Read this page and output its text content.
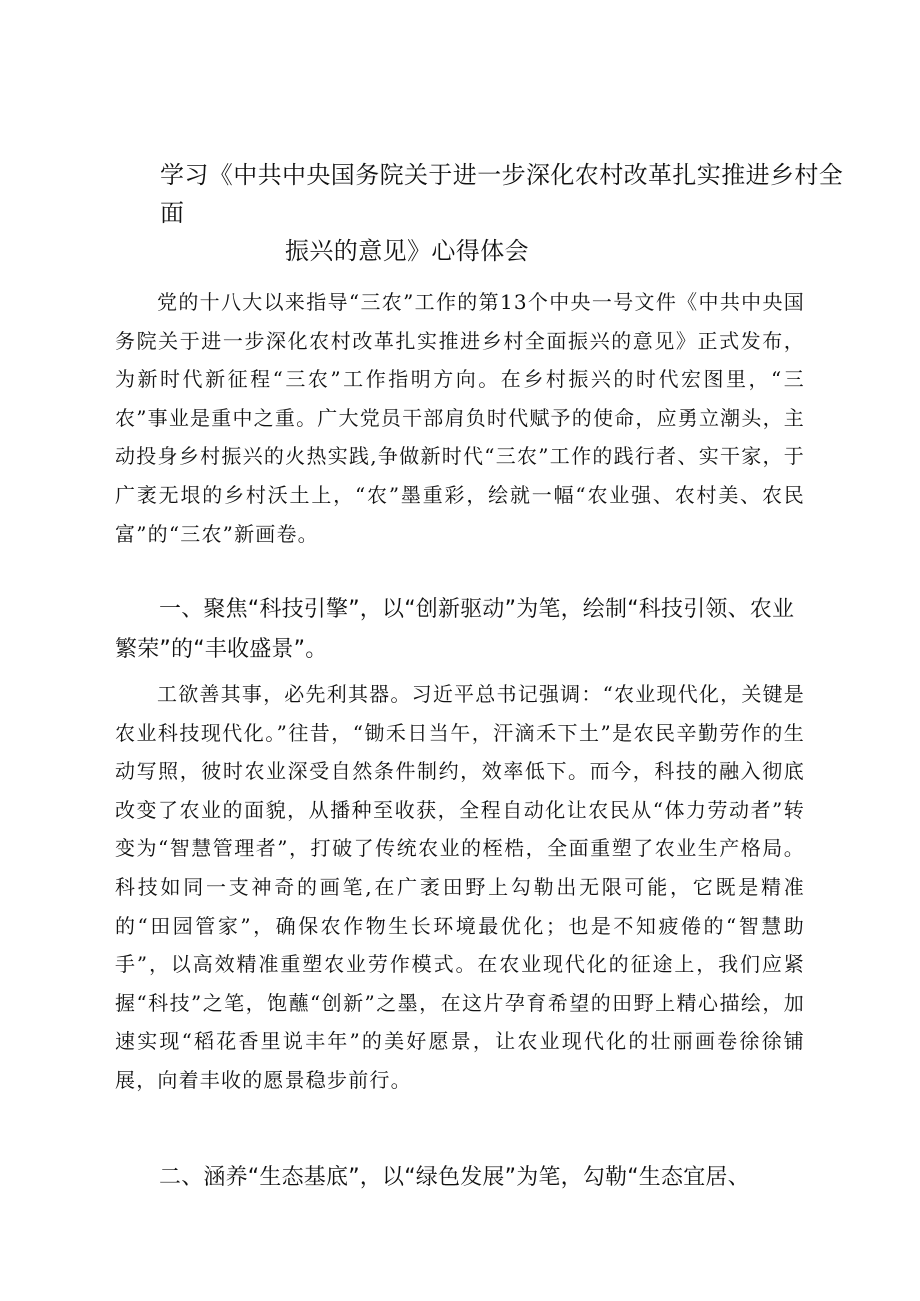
学习《中共中央国务院关于进一步深化农村改革扎实推进乡村全面
振兴的意见》心得体会

党的十八大以来指导“三农”工作的第13个中央一号文件《中共中央国务院关于进一步深化农村改革扎实推进乡村全面振兴的意见》正式发布，为新时代新征程“三农”工作指明方向。在乡村振兴的时代宏图里，“三农”事业是重中之重。广大党员干部肩负时代赋予的使命，应勇立潮头，主动投身乡村振兴的火热实践,争做新时代“三农”工作的践行者、实干家，于广袤无垠的乡村沃土上，“农”墨重彩，绘就一幅“农业强、农村美、农民富”的“三农”新画卷。

一、聚焦“科技引擎”，以“创新驱动”为笔，绘制“科技引领、农业繁荣”的“丰收盛景”。

工欲善其事，必先利其器。习近平总书记强调：“农业现代化，关键是农业科技现代化。”往昔，“锄禾日当午，汗滴禾下土”是农民辛勤劳作的生动写照，彼时农业深受自然条件制约，效率低下。而今，科技的融入彻底改变了农业的面貌，从播种至收获，全程自动化让农民从“体力劳动者”转变为“智慧管理者”，打破了传统农业的桎梏，全面重塑了农业生产格局。科技如同一支神奇的画笔,在广袤田野上勾勒出无限可能，它既是精准的“田园管家”，确保农作物生长环境最优化；也是不知疲倦的“智慧助手”，以高效精准重塑农业劳作模式。在农业现代化的征途上，我们应紧握“科技”之笔，饱蘸“创新”之墨，在这片孕育希望的田野上精心描绘，加速实现“稻花香里说丰年”的美好愿景，让农业现代化的壮丽画卷徐徐铺展，向着丰收的愿景稳步前行。

二、涵养“生态基底”，以“绿色发展”为笔，勾勒“生态宜居、
